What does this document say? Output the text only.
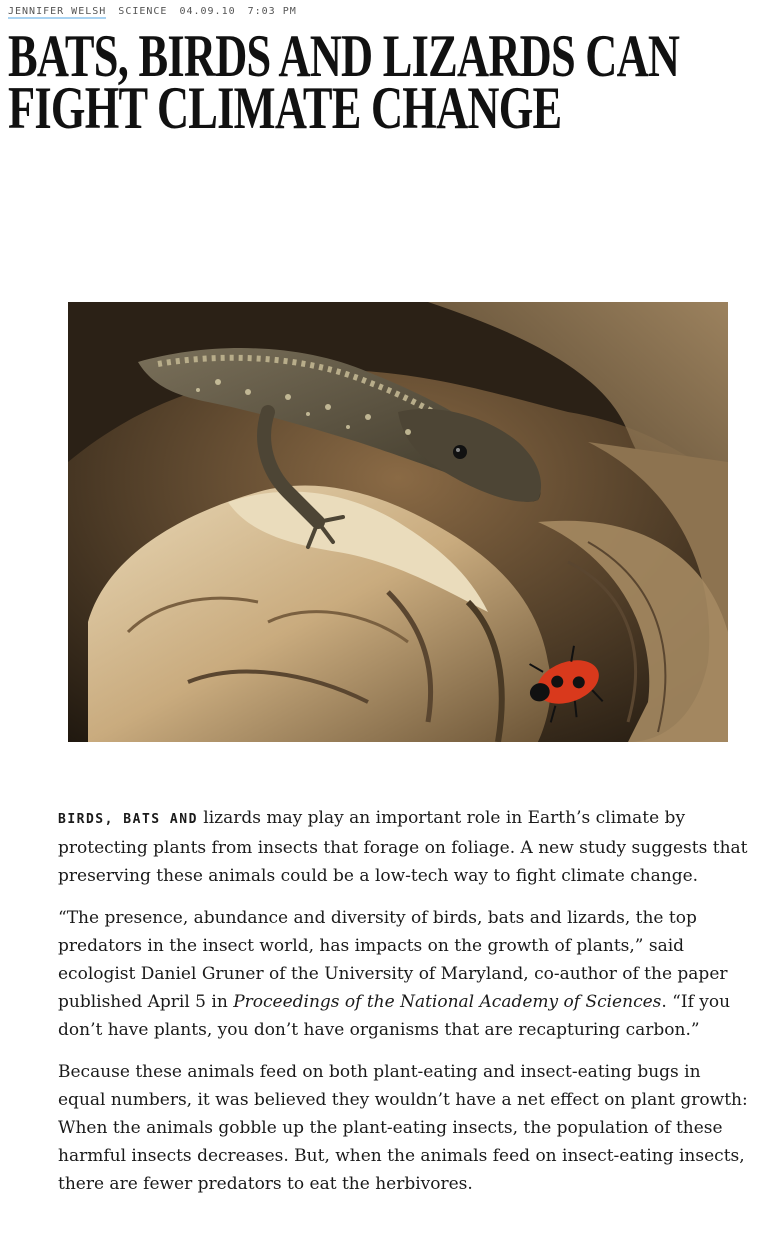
JENNIFER WELSH SCIENCE 04.09.10 7:03 PM
BATS, BIRDS AND LIZARDS CAN FIGHT CLIMATE CHANGE

BIRDS, BATS AND lizards may play an important role in Earth’s climate by protecting plants from insects that forage on foliage. A new study suggests that preserving these animals could be a low-tech way to fight climate change.

“The presence, abundance and diversity of birds, bats and lizards, the top predators in the insect world, has impacts on the growth of plants,” said ecologist Daniel Gruner of the University of Maryland, co-author of the paper published April 5 in Proceedings of the National Academy of Sciences. “If you don’t have plants, you don’t have organisms that are recapturing carbon.”

Because these animals feed on both plant-eating and insect-eating bugs in equal numbers, it was believed they wouldn’t have a net effect on plant growth: When the animals gobble up the plant-eating insects, the population of these harmful insects decreases. But, when the animals feed on insect-eating insects, there are fewer predators to eat the herbivores.
